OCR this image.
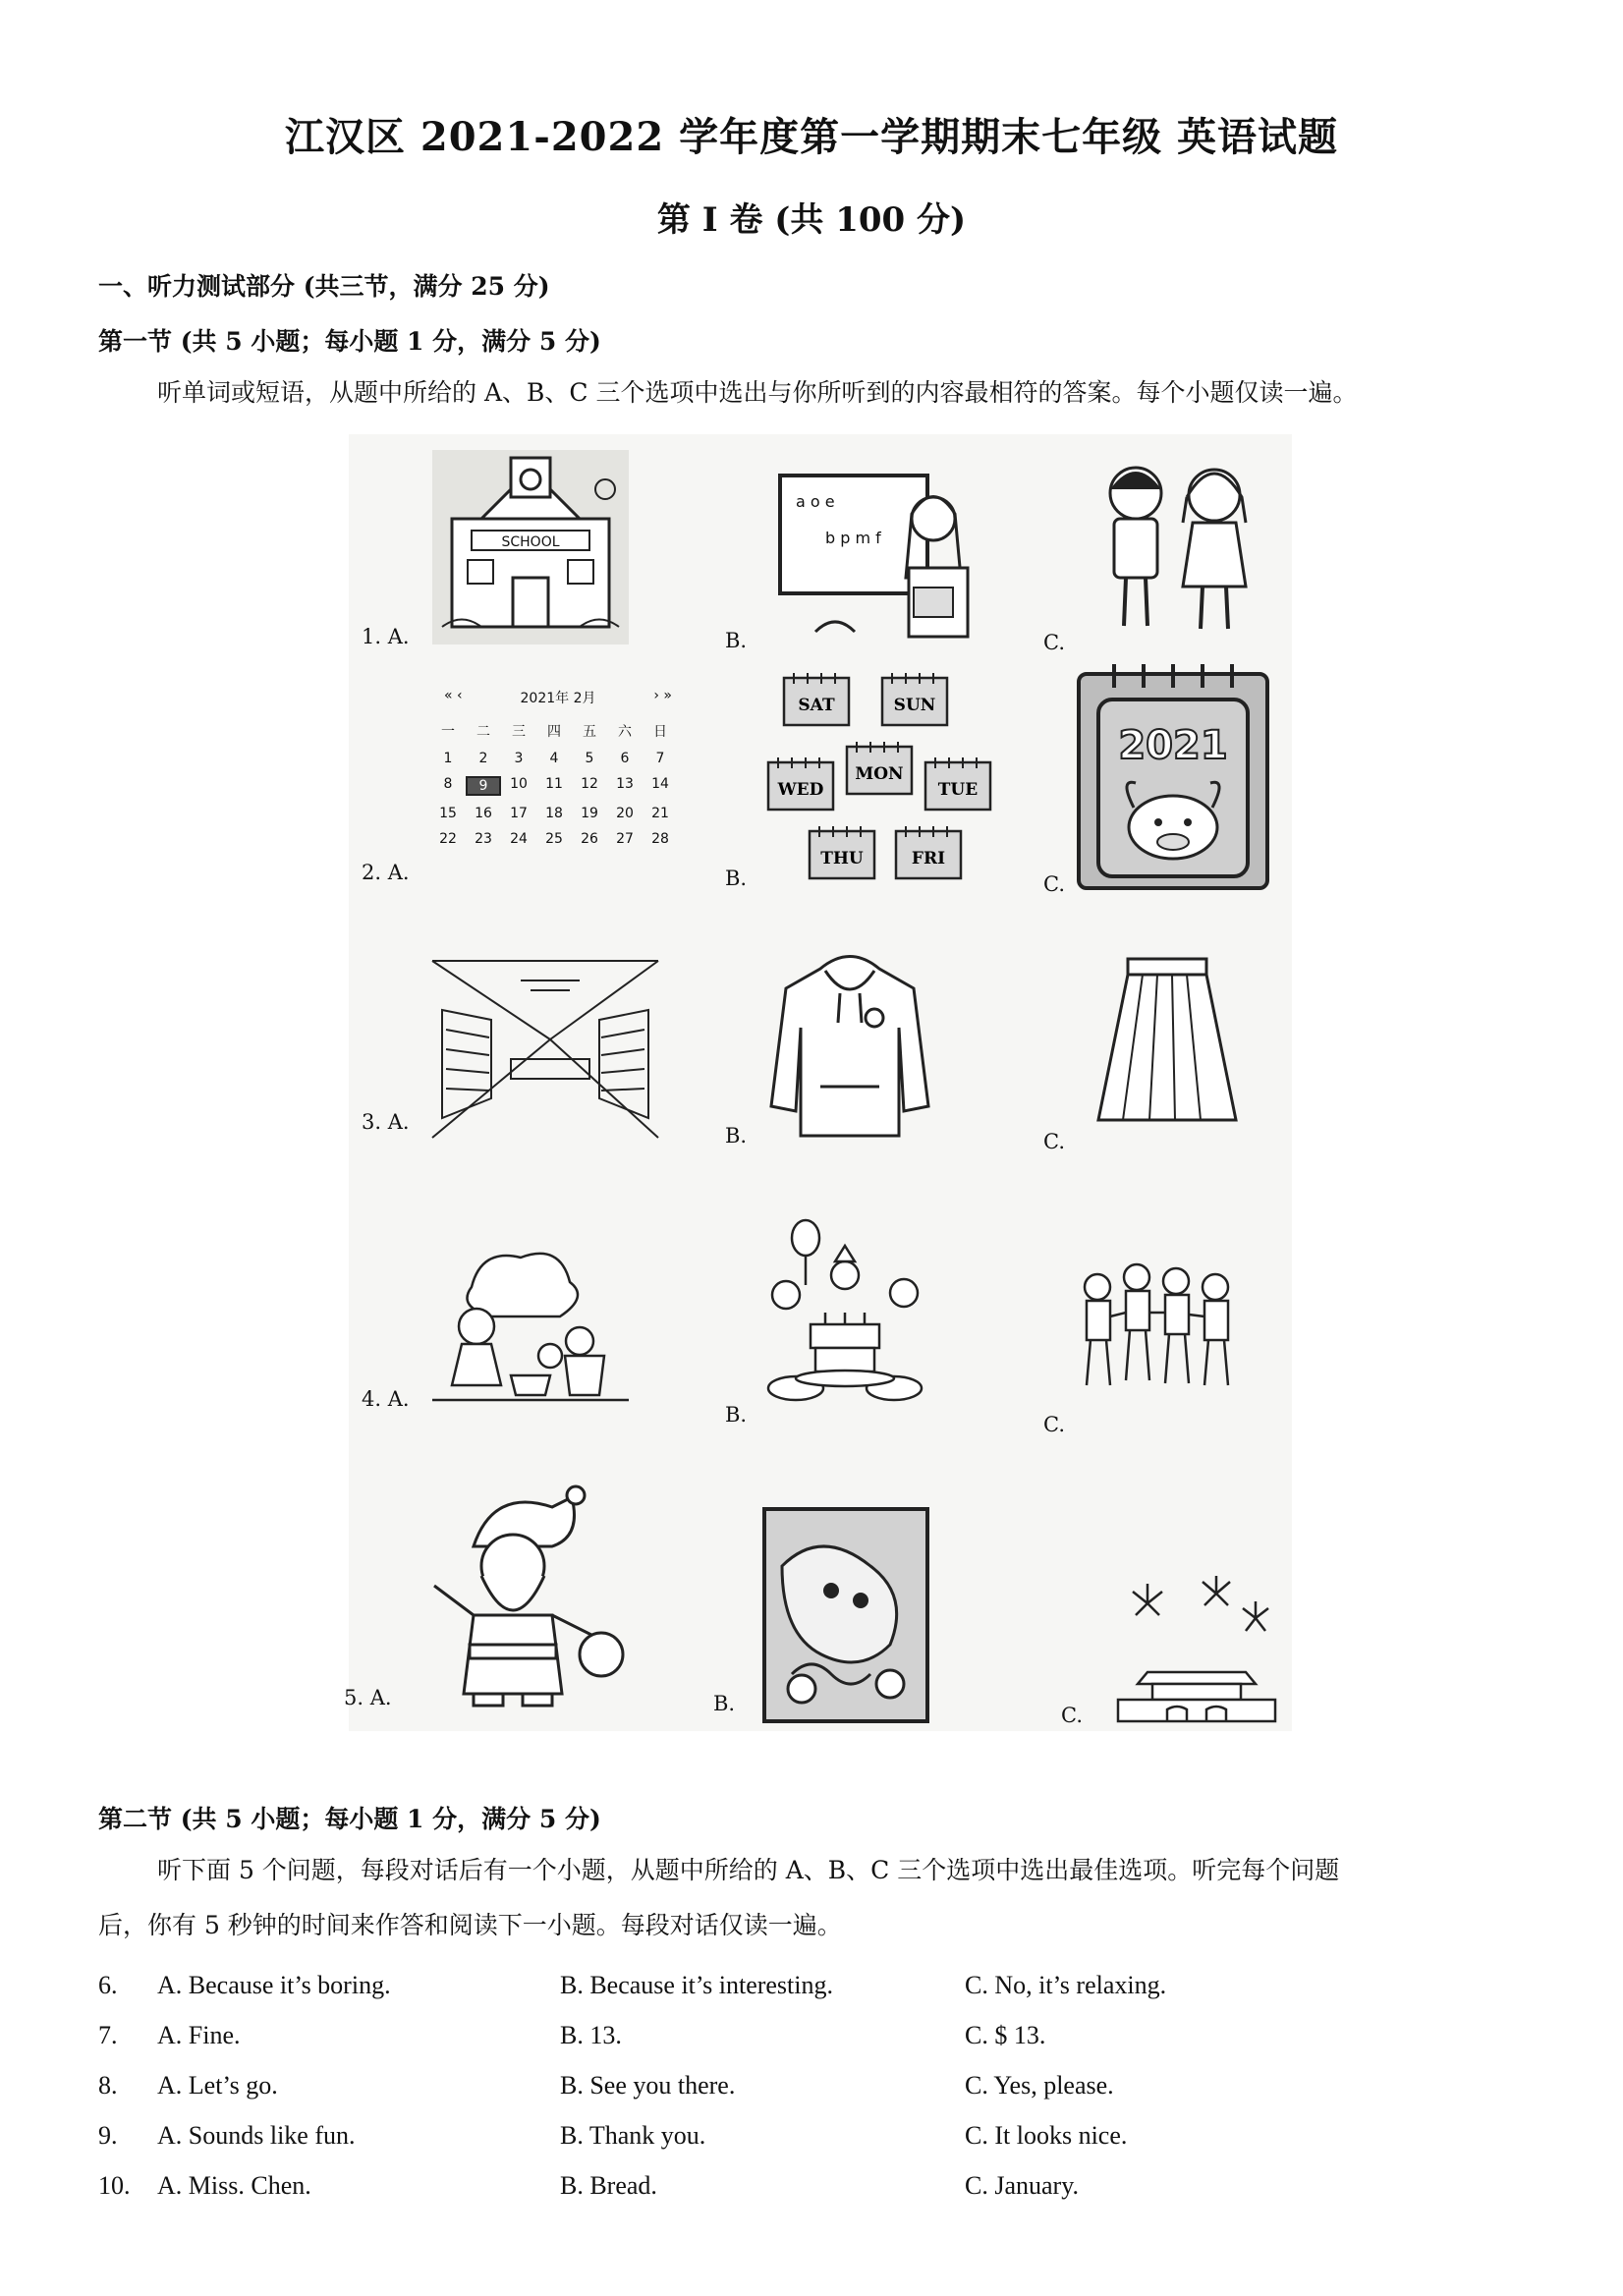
江汉区 2021-2022 学年度第一学期期末七年级 英语试题
第 I 卷 (共 100 分)
一、听力测试部分 (共三节，满分 25 分)
第一节 (共 5 小题；每小题 1 分，满分 5 分)
听单词或短语，从题中所给的 A、B、C 三个选项中选出与你所听到的内容最相符的答案。每个小题仅读一遍。
1. A.	B.	C.
SCHOOL
a o e
b p m f
2. A.	B.	C.
« ‹	2021年 2月	› »
一	二	三	四	五	六	日
1	2	3	4	5	6	7
8	9	10	11	12	13	14
15	16	17	18	19	20	21
22	23	24	25	26	27	28
SAT	SUN
WED
MON
TUE
THU	FRI
2021
3. A.
B.	C.
4. A.
B.	C.
5. A.	B.	C.
第二节 (共 5 小题；每小题 1 分，满分 5 分)
听下面 5 个问题，每段对话后有一个小题，从题中所给的 A、B、C 三个选项中选出最佳选项。听完每个问题
后，你有 5 秒钟的时间来作答和阅读下一小题。每段对话仅读一遍。
6. A. Because it’s boring.	B. Because it’s interesting.	C. No, it’s relaxing.
7. A. Fine.	B. 13.	C. $ 13.
8. A. Let’s go.	B. See you there.	C. Yes, please.
9. A. Sounds like fun.	B. Thank you.	C. It looks nice.
10. A. Miss. Chen.	B. Bread.	C. January.
